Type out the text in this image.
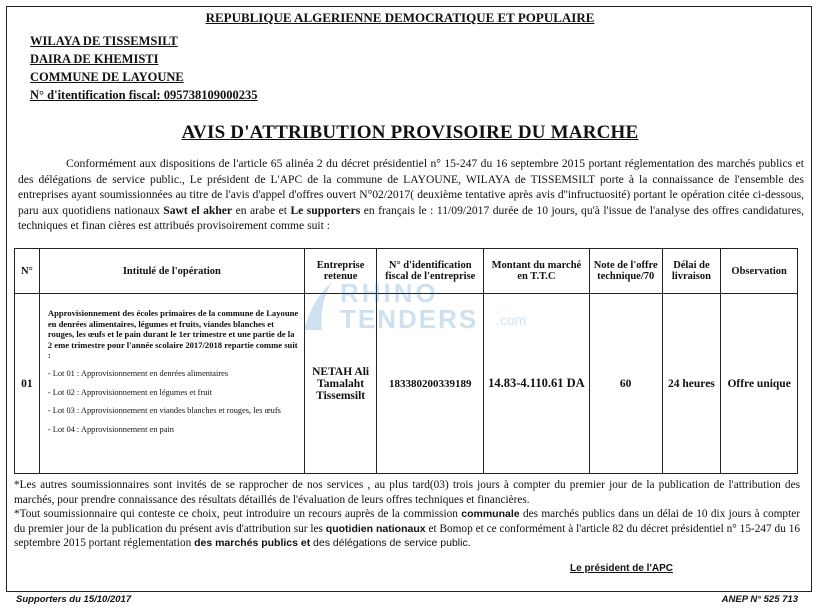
REPUBLIQUE ALGERIENNE DEMOCRATIQUE ET POPULAIRE
WILAYA DE TISSEMSILT
DAIRA DE KHEMISTI
COMMUNE DE LAYOUNE
N° d'itentification fiscal: 095738109000235
AVIS D'ATTRIBUTION PROVISOIRE DU MARCHE
Conformément aux dispositions de l'article 65 alinéa 2 du décret présidentiel n° 15-247 du 16 septembre 2015 portant réglementation des marchés publics et des délégations de service public., Le président de L'APC de la commune de LAYOUNE, WILAYA de TISSEMSILT porte à la connaissance de l'ensemble des entreprises ayant soumissionnées au titre de l'avis d'appel d'offres ouvert N°02/2017( deuxième tentative après avis d''infructuosité) portant le opération citée ci-dessous, paru aux quotidiens nationaux Sawt el akher en arabe et Le supporters en français le : 11/09/2017 durée de 10 jours, qu'à l'issue de l'analyse des offres candidatures, techniques et finan cières est attribués provisoirement comme suit :
N°	Intitulé de l'opération	Entreprise retenue	N° d'identification fiscal de l'entreprise	Montant du marché en T.T.C	Note de l'offre technique/70	Délai de livraison	Observation
01	Approvisionnement des écoles primaires de la commune de Layoune en denrées alimentaires, légumes et fruits, viandes blanches et rouges, les œufs et le pain durant le 1er trimestre et une partie de la 2 eme trimestre pour l'année scolaire 2017/2018 repartie comme suit :
- Lot 01 : Approvisionnement en denrées alimentaires
- Lot 02 : Approvisionnement en légumes et fruit
- Lot 03 : Approvisionnement en viandes blanches et rouges, les œufs
- Lot 04 : Approvisionnement en pain	NETAH Ali Tamalaht Tissemsilt	183380200339189	14.83-4.110.61 DA	60	24 heures	Offre unique
RHINO
TENDERS .com
*Les autres soumissionnaires sont invités de se rapprocher de nos services , au plus tard(03) trois jours à compter du premier jour de la publication de l'attribution des marchés, pour prendre connaissance des résultats détaillés de l'évaluation de leurs offres techniques et financières.
*Tout soumissionnaire qui conteste ce choix, peut introduire un recours auprès de la commission communale des marchés publics dans un délai de 10 dix jours à compter du premier jour de la publication du présent avis d'attribution sur les quotidien nationaux et Bomop et ce conformément à l'article 82 du décret présidentiel n° 15-247 du 16 septembre 2015 portant réglementation des marchés publics et des délégations de service public.
Le président de l'APC
Supporters du 15/10/2017	ANEP N° 525 713
